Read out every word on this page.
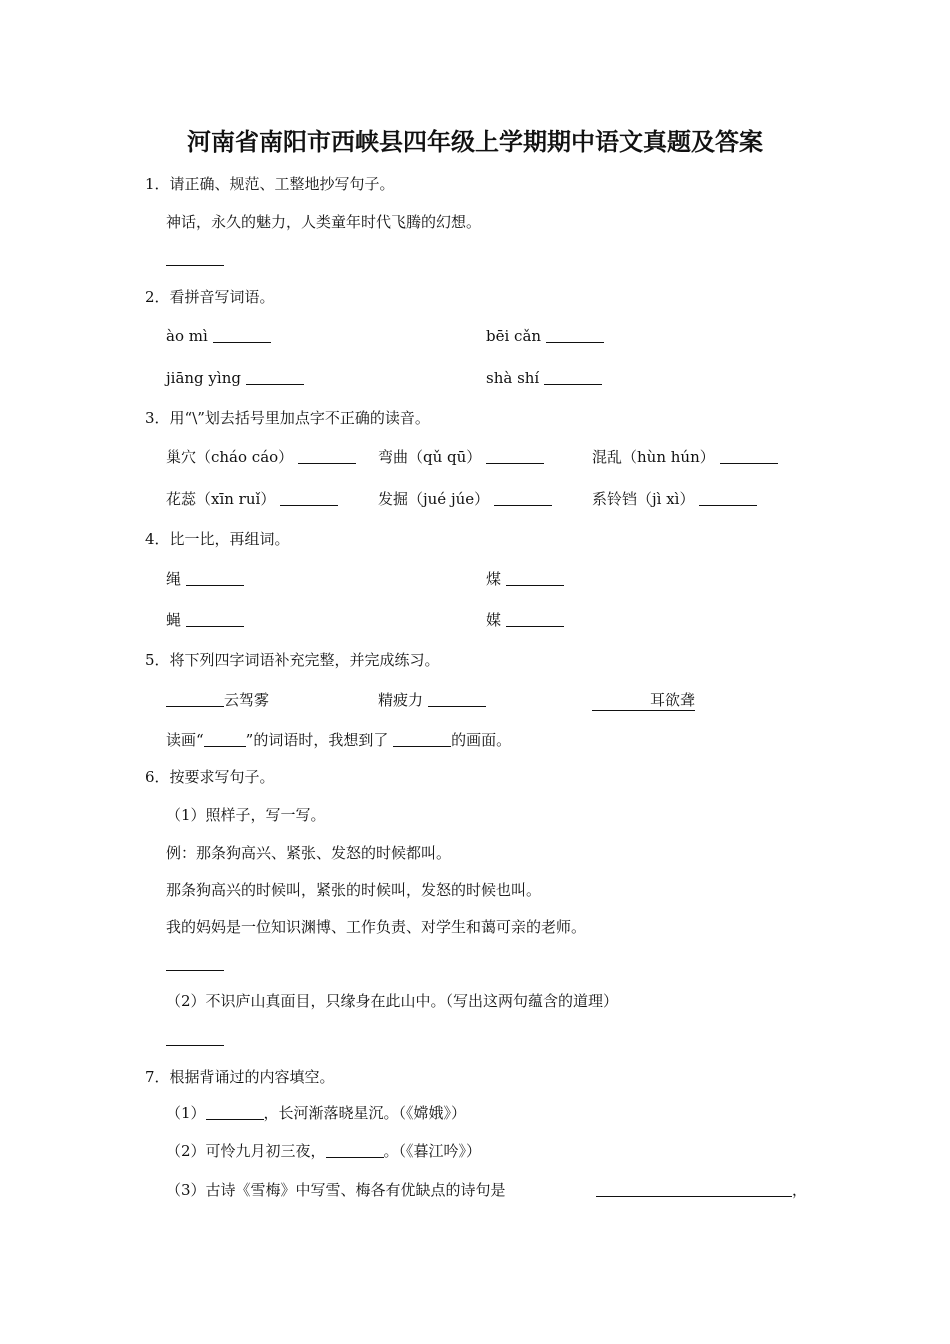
河南省南阳市西峡县四年级上学期期中语文真题及答案
1．请正确、规范、工整地抄写句子。
神话，永久的魅力，人类童年时代飞腾的幻想。
2．看拼音写词语。
ào mì	bēi cǎn
jiāng yìng	shà shí
3．用“\”划去括号里加点字不正确的读音。
巢穴（cháo cáo）	弯曲（qǔ qū）	混乱（hùn hún）
花蕊（xīn ruǐ）	发掘（jué júe）	系铃铛（jì xì）
4．比一比，再组词。
绳	煤
蝇	媒
5．将下列四字词语补充完整，并完成练习。
云驾雾	精疲力	耳欲聋
读画“	”的词语时，我想到了	的画面。
6．按要求写句子。
（1）照样子，写一写。
例：那条狗高兴、紧张、发怒的时候都叫。
那条狗高兴的时候叫，紧张的时候叫，发怒的时候也叫。
我的妈妈是一位知识渊博、工作负责、对学生和蔼可亲的老师。
（2）不识庐山真面目，只缘身在此山中。（写出这两句蕴含的道理）
7．根据背诵过的内容填空。
（1）	，长河渐落晓星沉。（《嫦娥》）
（2）可怜九月初三夜，	。（《暮江吟》）
（3）古诗《雪梅》中写雪、梅各有优缺点的诗句是	，
